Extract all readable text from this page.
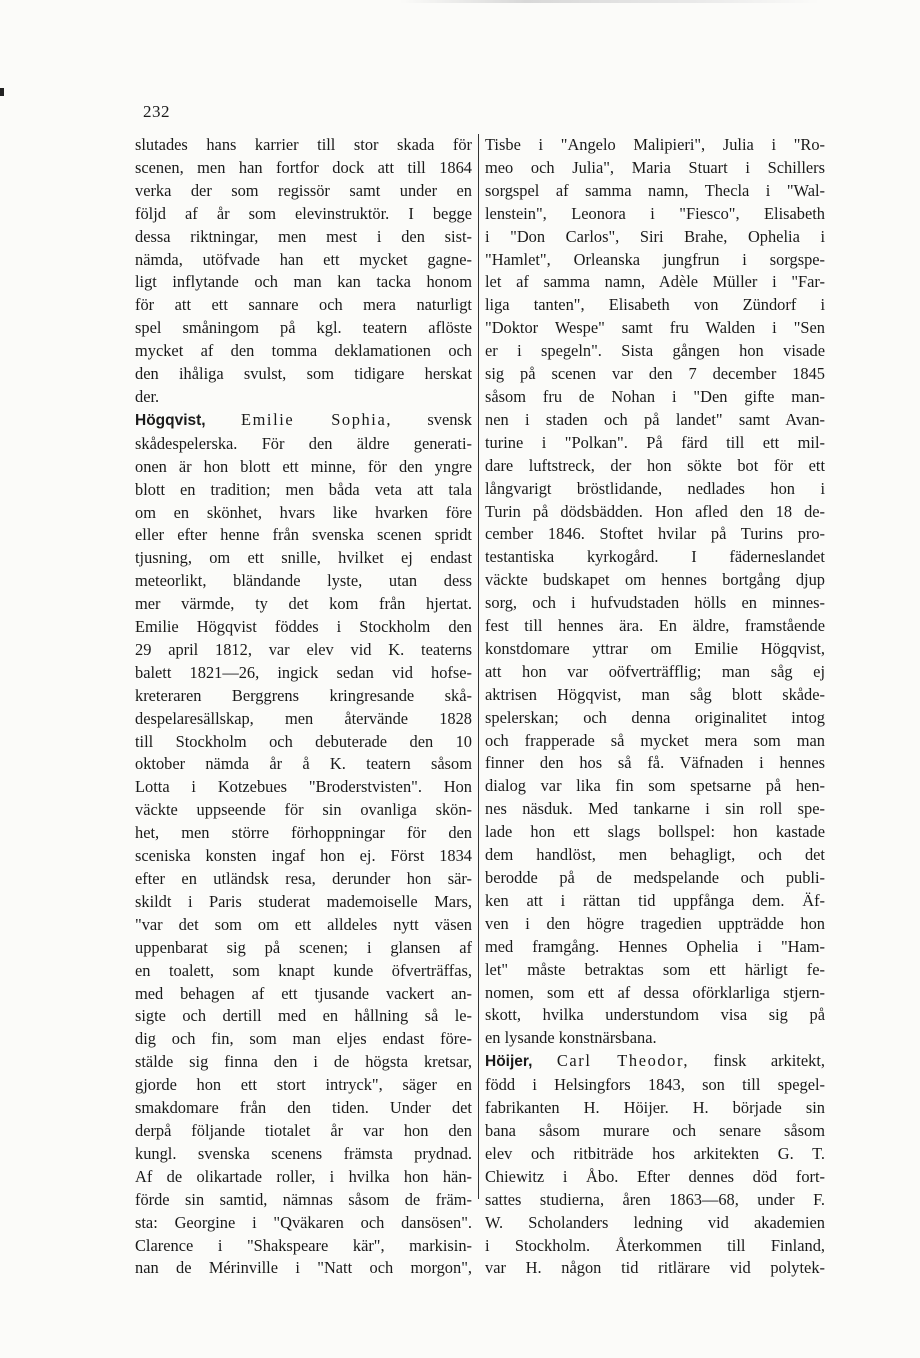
232
slutades hans karrier till stor skada för
scenen, men han fortfor dock att till 1864
verka der som regissör samt under en
följd af år som elevinstruktör. I begge
dessa riktningar, men mest i den sist-
nämda, utöfvade han ett mycket gagne-
ligt inflytande och man kan tacka honom
för att ett sannare och mera naturligt
spel småningom på kgl. teatern aflöste
mycket af den tomma deklamationen och
den ihåliga svulst, som tidigare herskat
der.
Högqvist, Emilie Sophia, svensk
skådespelerska. För den äldre generati-
onen är hon blott ett minne, för den yngre
blott en tradition; men båda veta att tala
om en skönhet, hvars like hvarken före
eller efter henne från svenska scenen spridt
tjusning, om ett snille, hvilket ej endast
meteorlikt, bländande lyste, utan dess
mer värmde, ty det kom från hjertat.
Emilie Högqvist föddes i Stockholm den
29 april 1812, var elev vid K. teaterns
balett 1821—26, ingick sedan vid hofse-
kreteraren Berggrens kringresande skå-
despelaresällskap, men återvände 1828
till Stockholm och debuterade den 10
oktober nämda år å K. teatern såsom
Lotta i Kotzebues "Broderstvisten". Hon
väckte uppseende för sin ovanliga skön-
het, men större förhoppningar för den
sceniska konsten ingaf hon ej. Först 1834
efter en utländsk resa, derunder hon sär-
skildt i Paris studerat mademoiselle Mars,
"var det som om ett alldeles nytt väsen
uppenbarat sig på scenen; i glansen af
en toalett, som knapt kunde öfverträffas,
med behagen af ett tjusande vackert an-
sigte och dertill med en hållning så le-
dig och fin, som man eljes endast före-
stälde sig finna den i de högsta kretsar,
gjorde hon ett stort intryck", säger en
smakdomare från den tiden. Under det
derpå följande tiotalet år var hon den
kungl. svenska scenens främsta prydnad.
Af de olikartade roller, i hvilka hon hän-
förde sin samtid, nämnas såsom de främ-
sta: Georgine i "Qväkaren och dansösen".
Clarence i "Shakspeare kär", markisin-
nan de Mérinville i "Natt och morgon",
Tisbe i "Angelo Malipieri", Julia i "Ro-
meo och Julia", Maria Stuart i Schillers
sorgspel af samma namn, Thecla i "Wal-
lenstein", Leonora i "Fiesco", Elisabeth
i "Don Carlos", Siri Brahe, Ophelia i
"Hamlet", Orleanska jungfrun i sorgspe-
let af samma namn, Adèle Müller i "Far-
liga tanten", Elisabeth von Zündorf i
"Doktor Wespe" samt fru Walden i "Sen
er i spegeln". Sista gången hon visade
sig på scenen var den 7 december 1845
såsom fru de Nohan i "Den gifte man-
nen i staden och på landet" samt Avan-
turine i "Polkan". På färd till ett mil-
dare luftstreck, der hon sökte bot för ett
långvarigt bröstlidande, nedlades hon i
Turin på dödsbädden. Hon afled den 18 de-
cember 1846. Stoftet hvilar på Turins pro-
testantiska kyrkogård. I fäderneslandet
väckte budskapet om hennes bortgång djup
sorg, och i hufvudstaden hölls en minnes-
fest till hennes ära. En äldre, framstående
konstdomare yttrar om Emilie Högqvist,
att hon var oöfverträfflig; man såg ej
aktrisen Högqvist, man såg blott skåde-
spelerskan; och denna originalitet intog
och frapperade så mycket mera som man
finner den hos så få. Väfnaden i hennes
dialog var lika fin som spetsarne på hen-
nes näsduk. Med tankarne i sin roll spe-
lade hon ett slags bollspel: hon kastade
dem handlöst, men behagligt, och det
berodde på de medspelande och publi-
ken att i rättan tid uppfånga dem. Äf-
ven i den högre tragedien uppträdde hon
med framgång. Hennes Ophelia i "Ham-
let" måste betraktas som ett härligt fe-
nomen, som ett af dessa oförklarliga stjern-
skott, hvilka understundom visa sig på
en lysande konstnärsbana.
Höijer, Carl Theodor, finsk arkitekt,
född i Helsingfors 1843, son till spegel-
fabrikanten H. Höijer. H. började sin
bana såsom murare och senare såsom
elev och ritbiträde hos arkitekten G. T.
Chiewitz i Åbo. Efter dennes död fort-
sattes studierna, åren 1863—68, under F.
W. Scholanders ledning vid akademien
i Stockholm. Återkommen till Finland,
var H. någon tid ritlärare vid polytek-
